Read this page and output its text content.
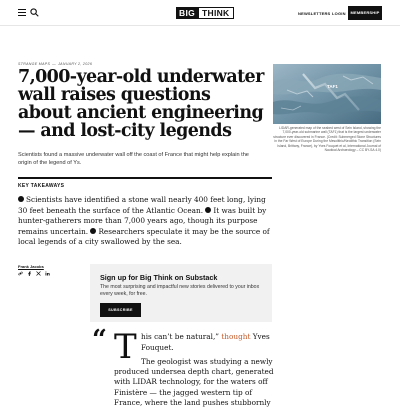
BIG THINK	NEWSLETTERS LOGIN	MEMBERSHIP
STRANGE MAPS — JANUARY 2, 2026
7,000-year-old underwater wall raises questions about ancient engineering — and lost-city legends

Scientists found a massive underwater wall off the coast of France that might help explain the origin of the legend of Ys.

TAF1

LIDAR-generated map of the seabed west of Sein Island, showing the 7,000-year-old submarine wall (TAF1) that is the largest underwater structure ever discovered in France. (Credit: Submerged Stone Structures in the Far West of Europe During the Mesolithic/Neolithic Transition (Sein Island, Brittany, France), by Yves Fouquet et al, International Journal of Nautical Archaeology – CC BY-SA 4.0)

KEY TAKEAWAYS

Scientists have identified a stone wall nearly 400 feet long, lying 30 feet beneath the surface of the Atlantic Ocean. It was built by hunter-gatherers more than 7,000 years ago, though its purpose remains uncertain. Researchers speculate it may be the source of local legends of a city swallowed by the sea.

Frank Jacobs
Sign up for Big Think on Substack

The most surprising and impactful new stories delivered to your inbox every week, for free.

SUBSCRIBE
“ T his can’t be natural,” thought Yves Fouquet.

The geologist was studying a newly produced undersea depth chart, generated with LIDAR technology, for the waters off Finistère — the jagged western tip of France, where the land pushes stubbornly
